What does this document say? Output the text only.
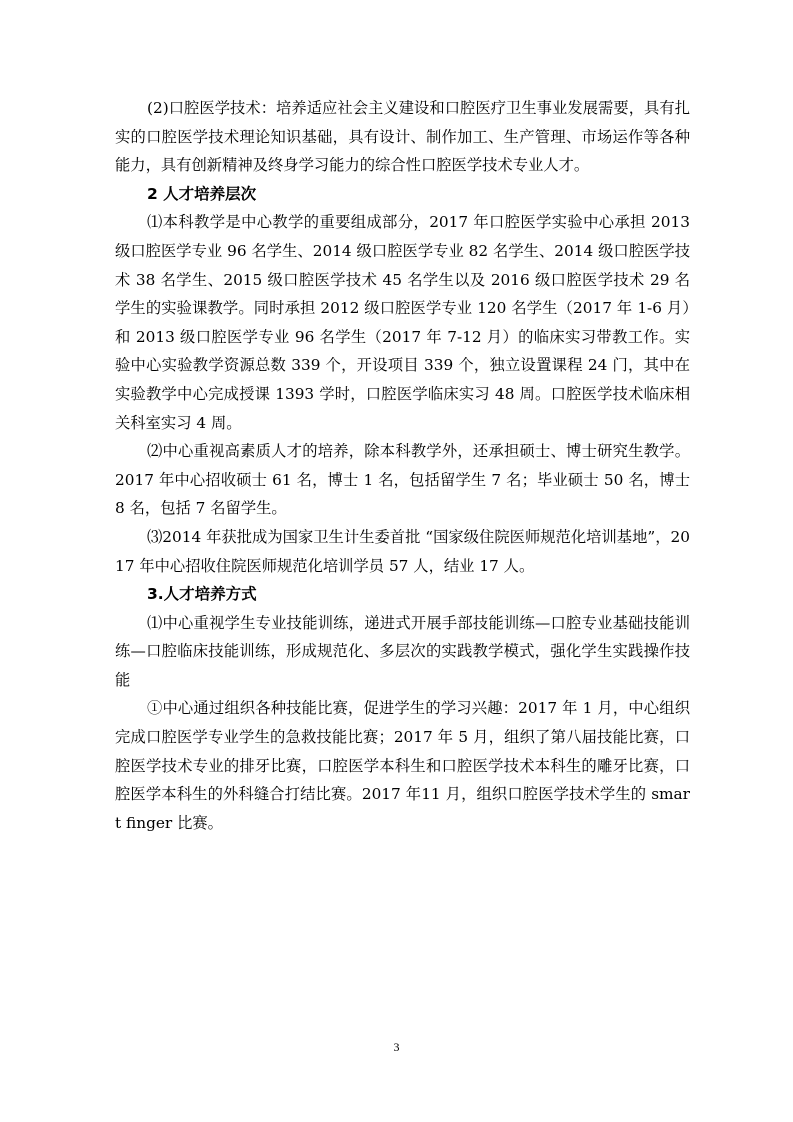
(2)口腔医学技术：培养适应社会主义建设和口腔医疗卫生事业发展需要，具有扎实的口腔医学技术理论知识基础，具有设计、制作加工、生产管理、市场运作等各种能力，具有创新精神及终身学习能力的综合性口腔医学技术专业人才。

2 人才培养层次

⑴本科教学是中心教学的重要组成部分，2017 年口腔医学实验中心承担 2013 级口腔医学专业 96 名学生、2014 级口腔医学专业 82 名学生、2014 级口腔医学技术 38 名学生、2015 级口腔医学技术 45 名学生以及 2016 级口腔医学技术 29 名学生的实验课教学。同时承担 2012 级口腔医学专业 120 名学生（2017 年 1-6 月）和 2013 级口腔医学专业 96 名学生（2017 年 7-12 月）的临床实习带教工作。实验中心实验教学资源总数 339 个，开设项目 339 个，独立设置课程 24 门，其中在实验教学中心完成授课 1393 学时，口腔医学临床实习 48 周。口腔医学技术临床相关科室实习 4 周。

⑵中心重视高素质人才的培养，除本科教学外，还承担硕士、博士研究生教学。2017 年中心招收硕士 61 名，博士 1 名，包括留学生 7 名；毕业硕士 50 名，博士 8 名，包括 7 名留学生。

⑶2014 年获批成为国家卫生计生委首批 “国家级住院医师规范化培训基地”，2017 年中心招收住院医师规范化培训学员 57 人，结业 17 人。

3.人才培养方式

⑴中心重视学生专业技能训练，递进式开展手部技能训练—口腔专业基础技能训练—口腔临床技能训练，形成规范化、多层次的实践教学模式，强化学生实践操作技能

①中心通过组织各种技能比赛，促进学生的学习兴趣：2017 年 1 月，中心组织完成口腔医学专业学生的急救技能比赛；2017 年 5 月，组织了第八届技能比赛，口腔医学技术专业的排牙比赛，口腔医学本科生和口腔医学技术本科生的雕牙比赛，口腔医学本科生的外科缝合打结比赛。2017 年11 月，组织口腔医学技术学生的 smart finger 比赛。

3
